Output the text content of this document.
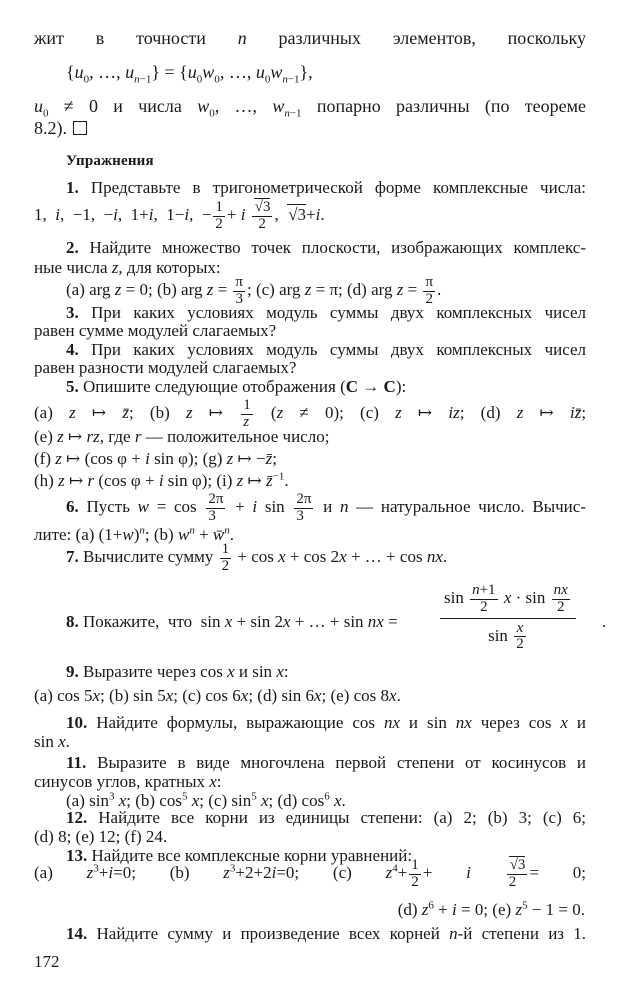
жит в точности n различных элементов, поскольку
{$u_0$, …, $u_{n-1}\} = \{u_0w_0$, …, $u_0w_{n-1}$},
$u_0 \ne 0$ и числа $w_0$, …, $w_{n-1}$ попарно различны (по теореме
8.2).
Упражнения
1. Представьте в тригонометрической форме комплексные числа:
1,  i,  −1,  −i,  1+i,  1−i,  − $\frac{1}{2} + i \frac{√3}{2}$ ,  √3+i.
2. Найдите множество точек плоскости, изображающих комплекс-
ные числа z, для которых:
(a) arg z = 0; (b) arg $z = \frac{\pi}{3}$ ; (c) arg z = π; (d) arg $z = \frac{\pi}{2}$ .
3. При каких условиях модуль суммы двух комплексных чисел
равен сумме модулей слагаемых?
4. При каких условиях модуль суммы двух комплексных чисел
равен разности модулей слагаемых?
5. Опишите следующие отображения (C → C):
(a) z ↦ z̄; (b) z ↦ $\frac{1}{z} (z \ne 0)$; (c) z ↦ iz; (d) z ↦ iz̄;
(e) z ↦ rz, где r — положительное число;
(f) z ↦ (cos φ + i sin φ); (g) z ↦ −z̄;
(h) z ↦ r (cos φ + i sin φ); (i) z ↦ z̄$^{-1}$.
6. Пусть $w = \cos \frac{2\pi}{3} + i$ $\sin \frac{2\pi}{3}$ и n — натуральное число. Вычис-
лите: (a) $(1+w)^n$; (b) $w^n$ + w̄$^n$.
7. Вычислите сумму $\frac{1}{2} + \cos x + \cos 2x$ + … + cos nx.
8. Покажите,  что  sin x + sin 2x + … + sin nx =
$\sin \frac{n+1}{2}$ $x \cdot \sin \frac{nx}{2}$
$\sin \frac{x}{2}$	.
9. Выразите через cos x и sin x:
(a) cos 5x; (b) sin 5x; (c) cos 6x; (d) sin 6x; (e) cos 8x.
10. Найдите формулы, выражающие cos nx и sin nx через cos x и
sin x.
11. Выразите в виде многочлена первой степени от косинусов и
синусов углов, кратных x:
(a) $\sin^3 x$; (b) $\cos^5 x$; (c) $\sin^5 x$; (d) $\cos^6 x$.
12. Найдите все корни из единицы степени: (a) 2; (b) 3; (c) 6;
(d) 8; (e) 12; (f) 24.
13. Найдите все комплексные корни уравнений:
(a) $z^3+i=0$; (b) $z^3+2+2i=0$; (c) $z^4+ \frac{1}{2} + i \frac{√3}{2} = 0$;
(d) $z^6 + i = 0$; (e) $z^5 - 1 = 0$.
14. Найдите сумму и произведение всех корней n-й степени из 1.
172
